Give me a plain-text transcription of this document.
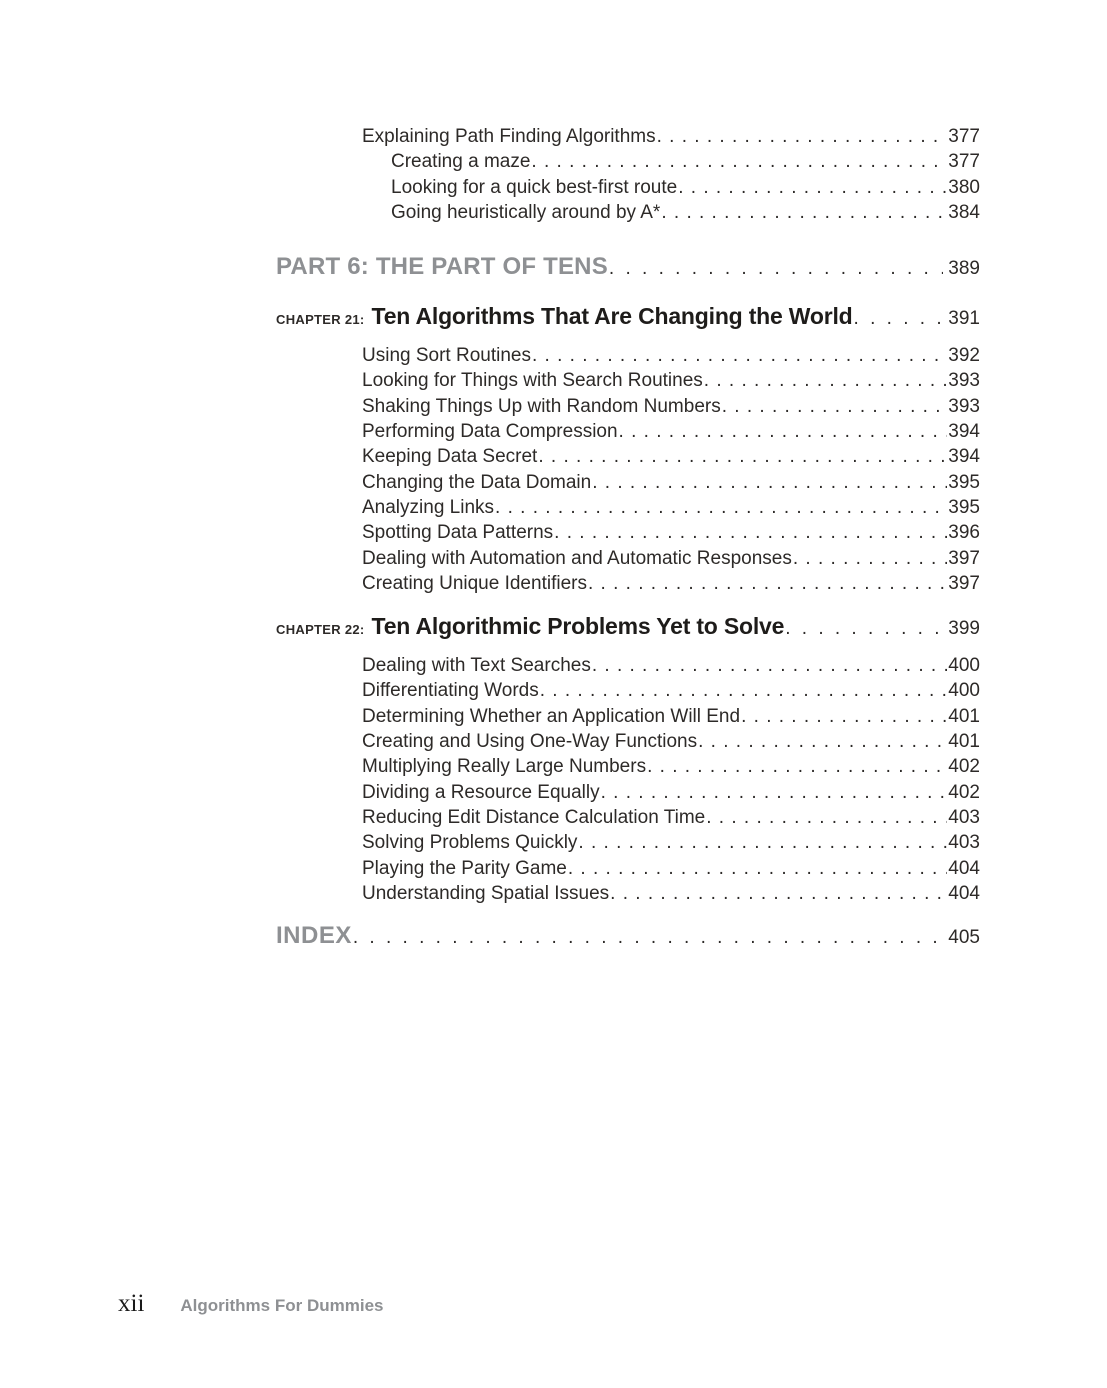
Explaining Path Finding Algorithms . . .	377
Creating a maze . . .	377
Looking for a quick best-first route . . .	380
Going heuristically around by A* . . .	384
PART 6: THE PART OF TENS . . .	389
CHAPTER 21: Ten Algorithms That Are Changing the World . . .	391
Using Sort Routines . . .	392
Looking for Things with Search Routines . . .	393
Shaking Things Up with Random Numbers . . .	393
Performing Data Compression . . .	394
Keeping Data Secret . . .	394
Changing the Data Domain . . .	395
Analyzing Links . . .	395
Spotting Data Patterns . . .	396
Dealing with Automation and Automatic Responses . . .	397
Creating Unique Identifiers . . .	397
CHAPTER 22: Ten Algorithmic Problems Yet to Solve . . .	399
Dealing with Text Searches . . .	400
Differentiating Words . . .	400
Determining Whether an Application Will End . . .	401
Creating and Using One-Way Functions . . .	401
Multiplying Really Large Numbers . . .	402
Dividing a Resource Equally . . .	402
Reducing Edit Distance Calculation Time . . .	403
Solving Problems Quickly . . .	403
Playing the Parity Game . . .	404
Understanding Spatial Issues . . .	404
INDEX . . .	405
xii Algorithms For Dummies
